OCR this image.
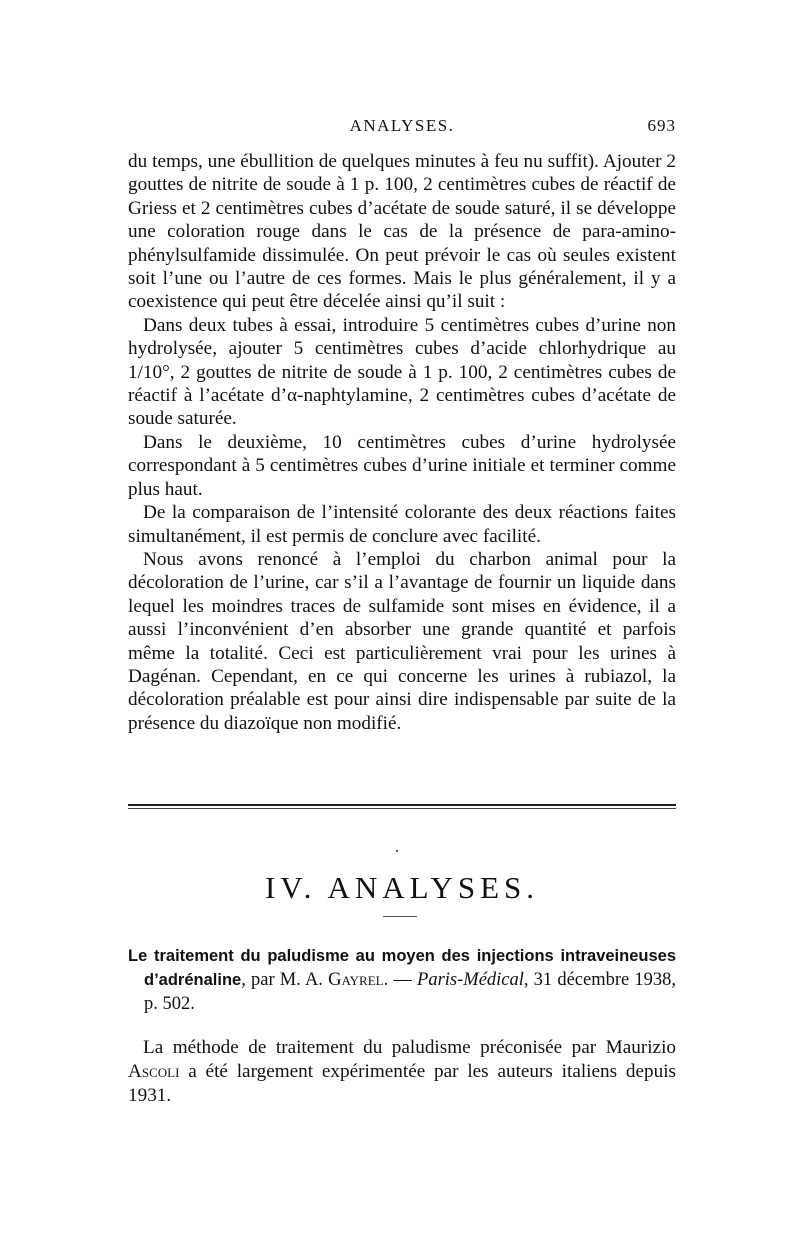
ANALYSES.	693

du temps, une ébullition de quelques minutes à feu nu suffit). Ajouter 2 gouttes de nitrite de soude à 1 p. 100, 2 centimètres cubes de réactif de Griess et 2 centimètres cubes d’acétate de soude saturé, il se développe une coloration rouge dans le cas de la présence de para-amino-phénylsulfamide dissimulée. On peut prévoir le cas où seules existent soit l’une ou l’autre de ces formes. Mais le plus généralement, il y a coexistence qui peut être décelée ainsi qu’il suit :

Dans deux tubes à essai, introduire 5 centimètres cubes d’urine non hydrolysée, ajouter 5 centimètres cubes d’acide chlorhydrique au 1/10°, 2 gouttes de nitrite de soude à 1 p. 100, 2 centimètres cubes de réactif à l’acétate d’α-naphtylamine, 2 centimètres cubes d’acétate de soude saturée.

Dans le deuxième, 10 centimètres cubes d’urine hydrolysée correspondant à 5 centimètres cubes d’urine initiale et terminer comme plus haut.

De la comparaison de l’intensité colorante des deux réactions faites simultanément, il est permis de conclure avec facilité.

Nous avons renoncé à l’emploi du charbon animal pour la décoloration de l’urine, car s’il a l’avantage de fournir un liquide dans lequel les moindres traces de sulfamide sont mises en évidence, il a aussi l’inconvénient d’en absorber une grande quantité et parfois même la totalité. Ceci est particulièrement vrai pour les urines à Dagénan. Cependant, en ce qui concerne les urines à rubiazol, la décoloration préalable est pour ainsi dire indispensable par suite de la présence du diazoïque non modifié.

IV. ANALYSES.
Le traitement du paludisme au moyen des injections intraveineuses d’adrénaline, par M. A. Gayrel. — Paris-Médical, 31 décembre 1938, p. 502.
La méthode de traitement du paludisme préconisée par Maurizio Ascoli a été largement expérimentée par les auteurs italiens depuis 1931.
